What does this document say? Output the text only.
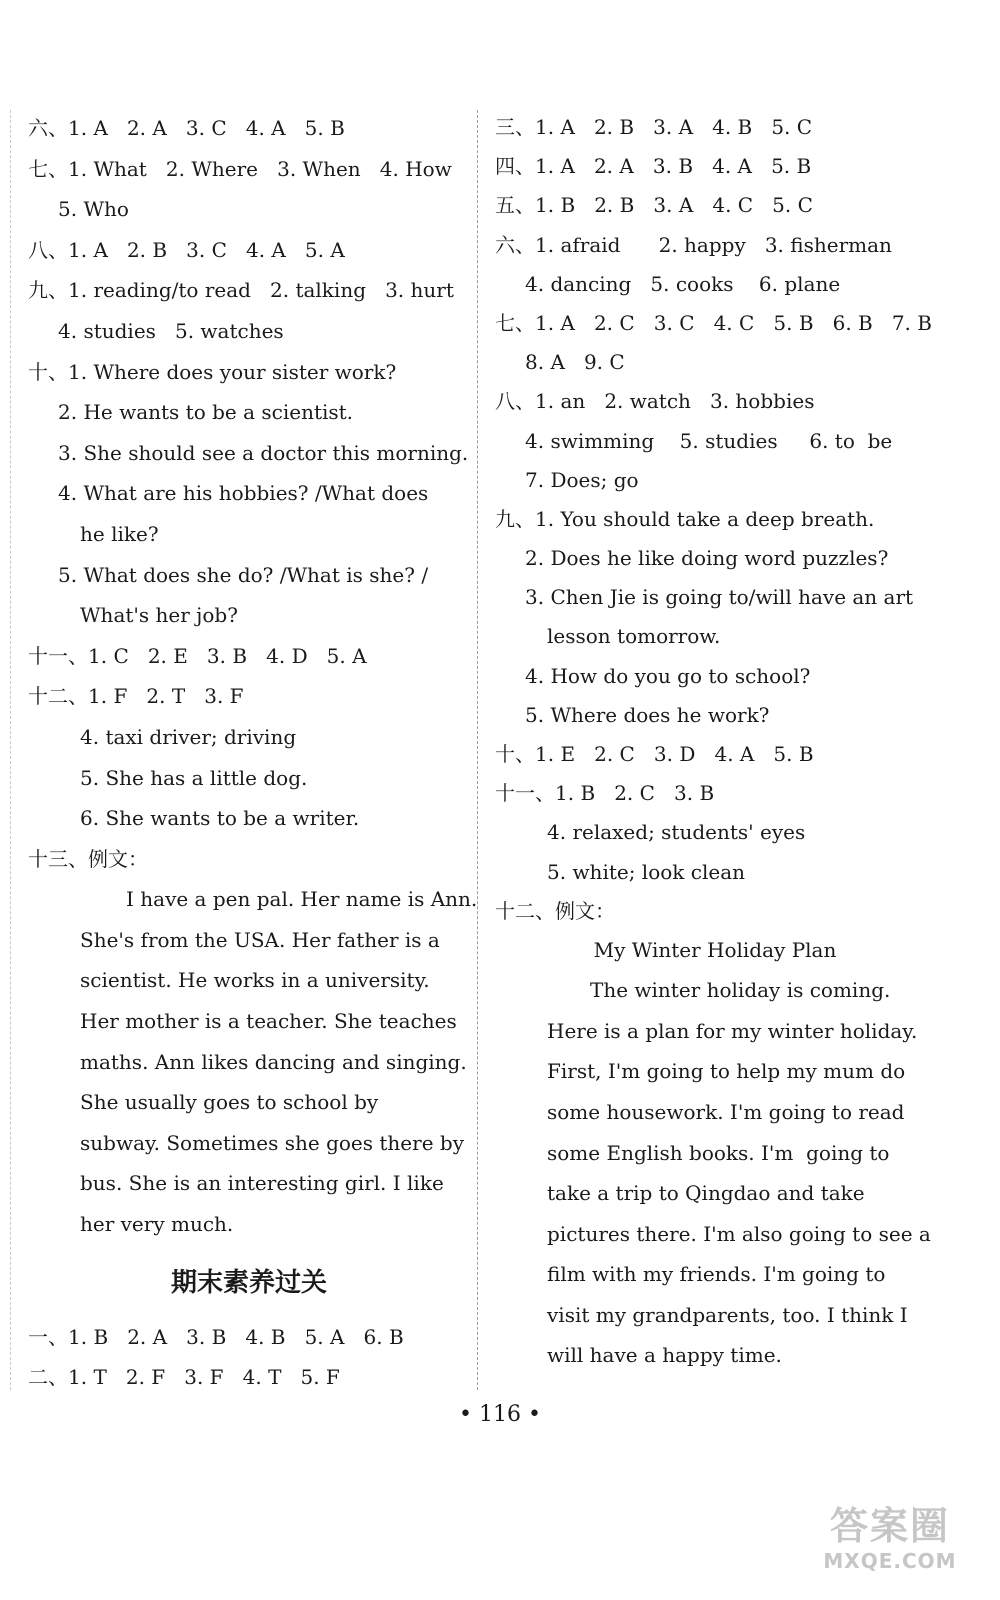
六、1. A   2. A   3. C   4. A   5. B
七、1. What   2. Where   3. When   4. How
5. Who
八、1. A   2. B   3. C   4. A   5. A
九、1. reading/to read   2. talking   3. hurt
4. studies   5. watches
十、1. Where does your sister work?
2. He wants to be a scientist.
3. She should see a doctor this morning.
4. What are his hobbies? /What does
he like?
5. What does she do? /What is she? /
What's her job?
十一、1. C   2. E   3. B   4. D   5. A
十二、1. F   2. T   3. F
4. taxi driver; driving
5. She has a little dog.
6. She wants to be a writer.
十三、例文：
I have a pen pal. Her name is Ann.
She's from the USA. Her father is a
scientist. He works in a university.
Her mother is a teacher. She teaches
maths. Ann likes dancing and singing.
She usually goes to school by
subway. Sometimes she goes there by
bus. She is an interesting girl. I like
her very much.
期末素养过关
一、1. B   2. A   3. B   4. B   5. A   6. B
二、1. T   2. F   3. F   4. T   5. F
三、1. A   2. B   3. A   4. B   5. C
四、1. A   2. A   3. B   4. A   5. B
五、1. B   2. B   3. A   4. C   5. C
六、1. afraid      2. happy   3. fisherman
4. dancing   5. cooks    6. plane
七、1. A   2. C   3. C   4. C   5. B   6. B   7. B
8. A   9. C
八、1. an   2. watch   3. hobbies
4. swimming    5. studies     6. to  be
7. Does; go
九、1. You should take a deep breath.
2. Does he like doing word puzzles?
3. Chen Jie is going to/will have an art
lesson tomorrow.
4. How do you go to school?
5. Where does he work?
十、1. E   2. C   3. D   4. A   5. B
十一、1. B   2. C   3. B
4. relaxed; students' eyes
5. white; look clean
十二、例文：
My Winter Holiday Plan
The winter holiday is coming.
Here is a plan for my winter holiday.
First, I'm going to help my mum do
some housework. I'm going to read
some English books. I'm  going to
take a trip to Qingdao and take
pictures there. I'm also going to see a
film with my friends. I'm going to
visit my grandparents, too. I think I
will have a happy time.
• 116 •
答案圈
MXQE.COM
